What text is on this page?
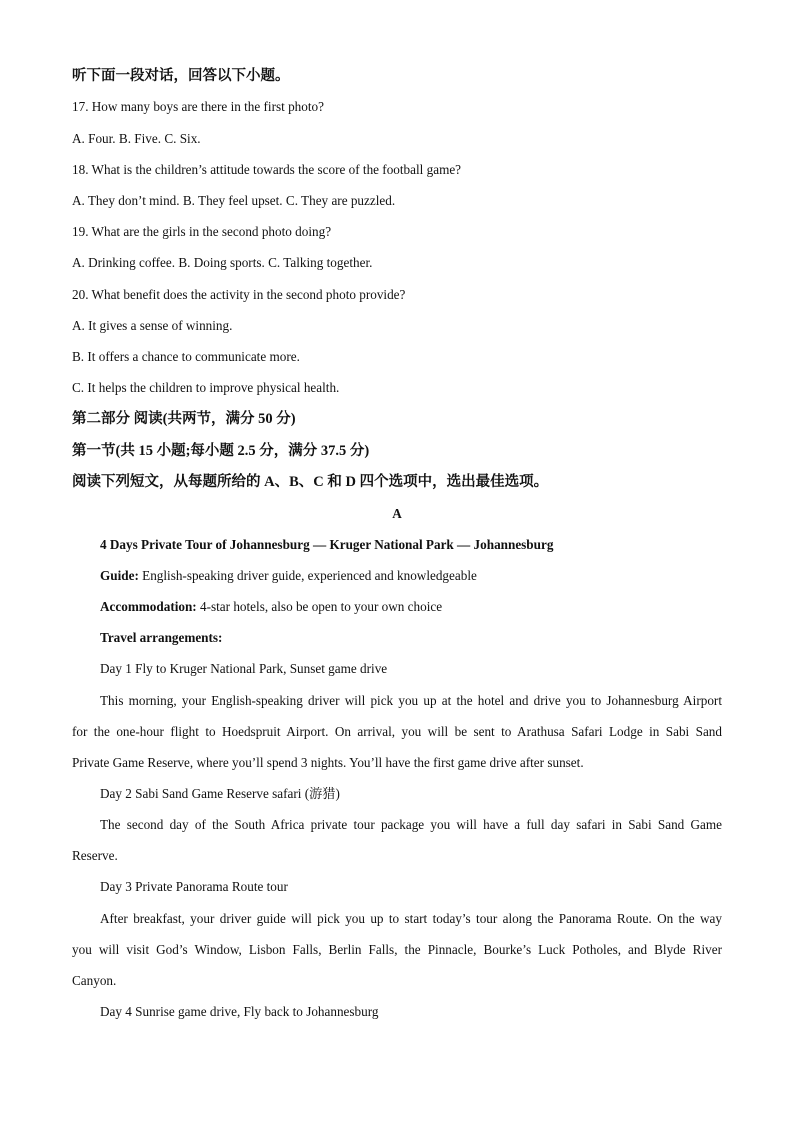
听下面一段对话，回答以下小题。
17. How many boys are there in the first photo?
A. Four. B. Five. C. Six.
18. What is the children’s attitude towards the score of the football game?
A. They don’t mind. B. They feel upset. C. They are puzzled.
19. What are the girls in the second photo doing?
A. Drinking coffee. B. Doing sports. C. Talking together.
20. What benefit does the activity in the second photo provide?
A. It gives a sense of winning.
B. It offers a chance to communicate more.
C. It helps the children to improve physical health.
第二部分 阅读(共两节，满分 50 分)
第一节(共 15 小题;每小题 2.5 分，满分 37.5 分)
阅读下列短文，从每题所给的 A、B、C 和 D 四个选项中，选出最佳选项。
A
4 Days Private Tour of Johannesburg — Kruger National Park — Johannesburg
Guide: English-speaking driver guide, experienced and knowledgeable
Accommodation: 4-star hotels, also be open to your own choice
Travel arrangements:
Day 1 Fly to Kruger National Park, Sunset game drive
This morning, your English-speaking driver will pick you up at the hotel and drive you to Johannesburg Airport
for the one-hour flight to Hoedspruit Airport. On arrival, you will be sent to Arathusa Safari Lodge in Sabi Sand
Private Game Reserve, where you’ll spend 3 nights. You’ll have the first game drive after sunset.
Day 2 Sabi Sand Game Reserve safari (游猎)
The second day of the South Africa private tour package you will have a full day safari in Sabi Sand Game
Reserve.
Day 3 Private Panorama Route tour
After breakfast, your driver guide will pick you up to start today’s tour along the Panorama Route. On the way
you will visit God’s Window, Lisbon Falls, Berlin Falls, the Pinnacle, Bourke’s Luck Potholes, and Blyde River
Canyon.
Day 4 Sunrise game drive, Fly back to Johannesburg
